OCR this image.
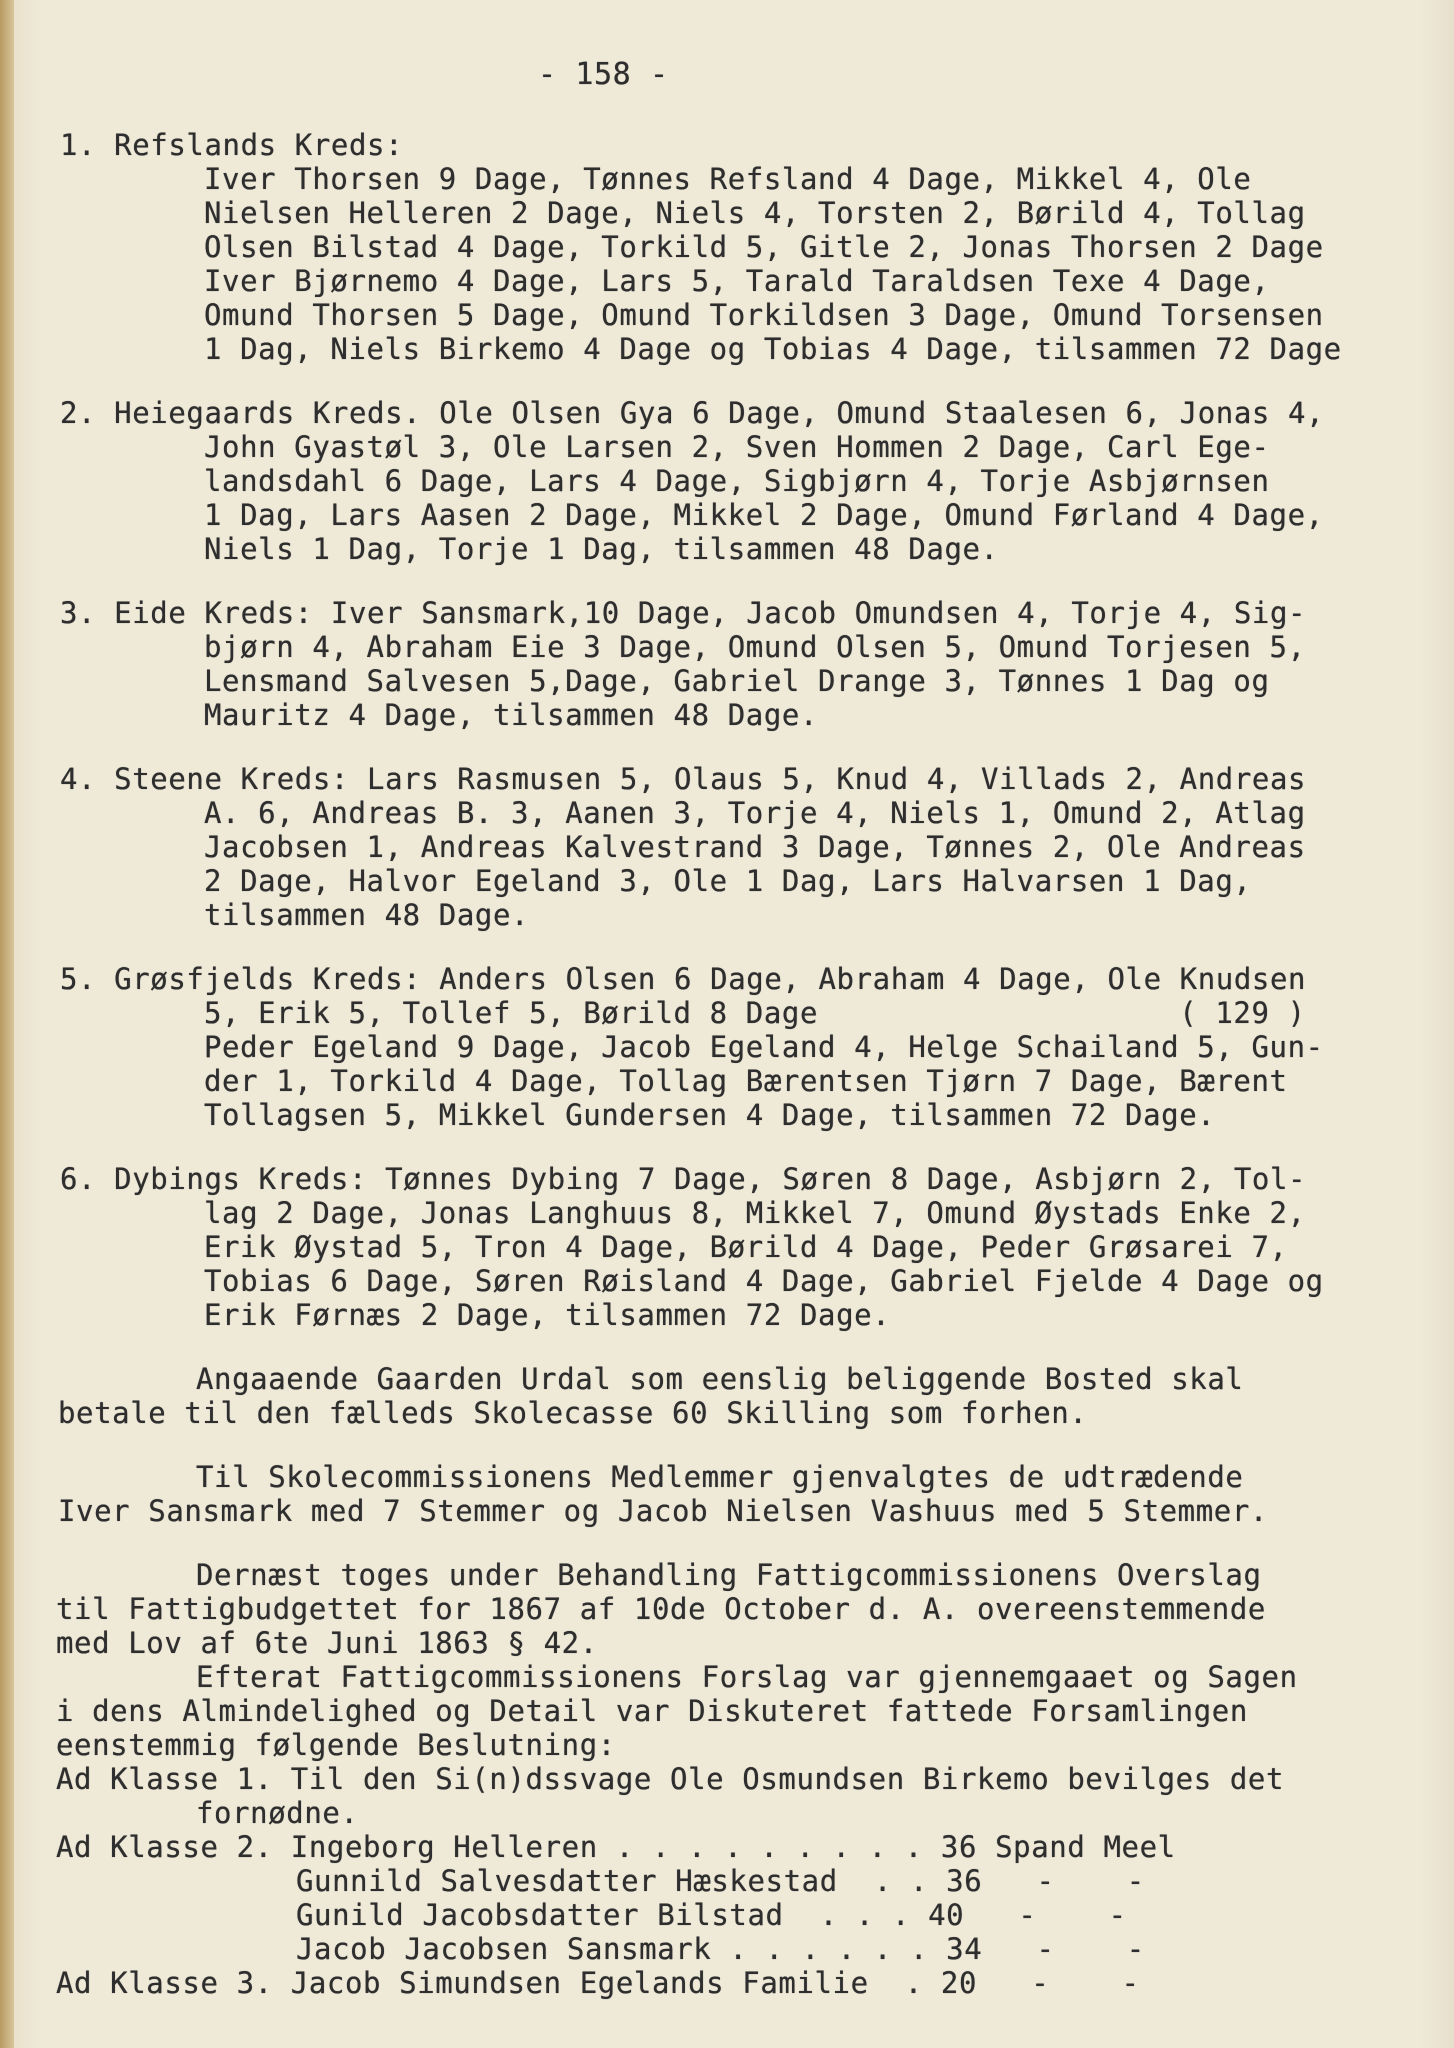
- 158 -
1. Refslands Kreds:
Iver Thorsen 9 Dage, Tønnes Refsland 4 Dage, Mikkel 4, Ole
Nielsen Helleren 2 Dage, Niels 4, Torsten 2, Børild 4, Tollag
Olsen Bilstad 4 Dage, Torkild 5, Gitle 2, Jonas Thorsen 2 Dage
Iver Bjørnemo 4 Dage, Lars 5, Tarald Taraldsen Texe 4 Dage,
Omund Thorsen 5 Dage, Omund Torkildsen 3 Dage, Omund Torsensen
1 Dag, Niels Birkemo 4 Dage og Tobias 4 Dage, tilsammen 72 Dage
2. Heiegaards Kreds. Ole Olsen Gya 6 Dage, Omund Staalesen 6, Jonas 4,
John Gyastøl 3, Ole Larsen 2, Sven Hommen 2 Dage, Carl Ege-
landsdahl 6 Dage, Lars 4 Dage, Sigbjørn 4, Torje Asbjørnsen
1 Dag, Lars Aasen 2 Dage, Mikkel 2 Dage, Omund Førland 4 Dage,
Niels 1 Dag, Torje 1 Dag, tilsammen 48 Dage.
3. Eide Kreds: Iver Sansmark,10 Dage, Jacob Omundsen 4, Torje 4, Sig-
bjørn 4, Abraham Eie 3 Dage, Omund Olsen 5, Omund Torjesen 5,
Lensmand Salvesen 5,Dage, Gabriel Drange 3, Tønnes 1 Dag og
Mauritz 4 Dage, tilsammen 48 Dage.
4. Steene Kreds: Lars Rasmusen 5, Olaus 5, Knud 4, Villads 2, Andreas
A. 6, Andreas B. 3, Aanen 3, Torje 4, Niels 1, Omund 2, Atlag
Jacobsen 1, Andreas Kalvestrand 3 Dage, Tønnes 2, Ole Andreas
2 Dage, Halvor Egeland 3, Ole 1 Dag, Lars Halvarsen 1 Dag,
tilsammen 48 Dage.
5. Grøsfjelds Kreds: Anders Olsen 6 Dage, Abraham 4 Dage, Ole Knudsen
5, Erik 5, Tollef 5, Børild 8 Dage                    ( 129 )
Peder Egeland 9 Dage, Jacob Egeland 4, Helge Schailand 5, Gun-
der 1, Torkild 4 Dage, Tollag Bærentsen Tjørn 7 Dage, Bærent
Tollagsen 5, Mikkel Gundersen 4 Dage, tilsammen 72 Dage.
6. Dybings Kreds: Tønnes Dybing 7 Dage, Søren 8 Dage, Asbjørn 2, Tol-
lag 2 Dage, Jonas Langhuus 8, Mikkel 7, Omund Øystads Enke 2,
Erik Øystad 5, Tron 4 Dage, Børild 4 Dage, Peder Grøsarei 7,
Tobias 6 Dage, Søren Røisland 4 Dage, Gabriel Fjelde 4 Dage og
Erik Førnæs 2 Dage, tilsammen 72 Dage.
Angaaende Gaarden Urdal som eenslig beliggende Bosted skal
betale til den fælleds Skolecasse 60 Skilling som forhen.
Til Skolecommissionens Medlemmer gjenvalgtes de udtrædende
Iver Sansmark med 7 Stemmer og Jacob Nielsen Vashuus med 5 Stemmer.
Dernæst toges under Behandling Fattigcommissionens Overslag
til Fattigbudgettet for 1867 af 10de October d. A. overeenstemmende
med Lov af 6te Juni 1863 § 42.
Efterat Fattigcommissionens Forslag var gjennemgaaet og Sagen
i dens Almindelighed og Detail var Diskuteret fattede Forsamlingen
eenstemmig følgende Beslutning:
Ad Klasse 1. Til den Si(n)dssvage Ole Osmundsen Birkemo bevilges det
forn​ødne.
Ad Klasse 2. Ingeborg Helleren . . . . . . . . . 36 Spand Meel
Gunnild Salvesdatter Hæskestad  . . 36   -    -
Gunild Jacobsdatter Bilstad  . . . 40   -    -
Jacob Jacobsen Sansmark . . . . . . 34   -    -
Ad Klasse 3. Jacob Simundsen Egelands Familie  . 20   -    -
